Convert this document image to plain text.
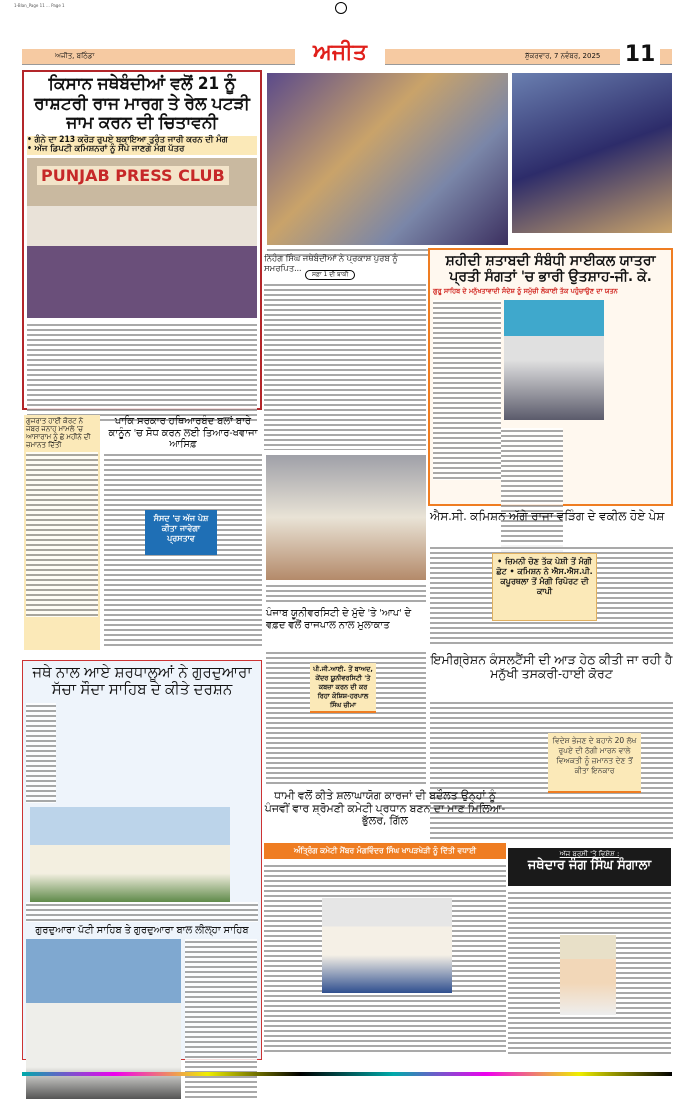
1-Blan_Page 11 ... Page 1
ਅਜੀਤ, ਬਠਿੰਡਾ	ਅਜੀਤ	ਸ਼ੁੱਕਰਵਾਰ, 7 ਨਵੰਬਰ, 2025 11
ਕਿਸਾਨ ਜਥੇਬੰਦੀਆਂ ਵਲੋਂ 21 ਨੂੰ ਰਾਸ਼ਟਰੀ ਰਾਜ ਮਾਰਗ ਤੇ ਰੇਲ ਪਟੜੀ ਜਾਮ ਕਰਨ ਦੀ ਚਿਤਾਵਨੀ
• ਗੰਨੇ ਦਾ 213 ਕਰੋੜ ਰੁਪਏ ਬਕਾਇਆ ਤੁਰੰਤ ਜਾਰੀ ਕਰਨ ਦੀ ਮੰਗ
• ਅੱਜ ਡਿਪਟੀ ਕਮਿਸ਼ਨਰਾਂ ਨੂੰ ਸੌਂਪੇ ਜਾਣਗੇ ਮੰਗ ਪੱਤਰ
PUNJAB PRESS CLUB
ਨਿਹੰਗ ਸਿੰਘ ਜਥੇਬੰਦੀਆਂ ਨੇ ਪ੍ਰਕਾਸ਼ ਪੁਰਬ ਨੂੰ ਸਮਰਪਿਤ...
ਸਫ਼ਾ 1 ਦੀ ਬਾਕੀ
ਸ਼ਹੀਦੀ ਸ਼ਤਾਬਦੀ ਸੰਬੰਧੀ ਸਾਈਕਲ ਯਾਤਰਾ ਪ੍ਰਤੀ ਸੰਗਤਾਂ 'ਚ ਭਾਰੀ ਉਤਸ਼ਾਹ-ਜੀ. ਕੇ.
ਗੁਰੂ ਸਾਹਿਬ ਦੇ ਮਨੁੱਖਤਾਵਾਦੀ ਸੰਦੇਸ਼ ਨੂੰ ਸਮੁੱਚੀ ਲੋਕਾਈ ਤੱਕ ਪਹੁੰਚਾਉਣ ਦਾ ਯਤਨ
ਗੁਜਰਾਤ ਹਾਈ ਕੋਰਟ ਨੇ ਜਬਰ ਜਨਾਹ ਮਾਮਲੇ 'ਚ ਆਸਾਰਾਮ ਨੂੰ ਛੇ ਮਹੀਨੇ ਦੀ ਜ਼ਮਾਨਤ ਦਿੱਤੀ
ਪਾਕਿ ਸਰਕਾਰ ਹਥਿਆਰਬੰਦ ਬਲਾਂ ਬਾਰੇ ਕਾਨੂੰਨ 'ਚ ਸੋਧ ਕਰਨ ਲਈ ਤਿਆਰ-ਖਵਾਜਾ ਆਸਿਫ਼
ਸੰਸਦ 'ਚ ਅੱਜ ਪੇਸ਼ ਕੀਤਾ ਜਾਵੇਗਾ ਪ੍ਰਸਤਾਵ
ਪੰਜਾਬ ਯੂਨੀਵਰਸਿਟੀ ਦੇ ਮੁੱਦੇ 'ਤੇ 'ਆਪ' ਦੇ ਵਫ਼ਦ ਵਲੋਂ ਰਾਜਪਾਲ ਨਾਲ ਮੁਲਾਕਾਤ
ਪੀ.ਜੀ.ਆਈ. ਤੋਂ ਬਾਅਦ, ਕੇਂਦਰ ਯੂਨੀਵਰਸਿਟੀ 'ਤੇ ਕਬਜ਼ਾ ਕਰਨ ਦੀ ਕਰ ਰਿਹਾ ਕੋਸ਼ਿਸ਼-ਹਰਪਾਲ ਸਿੰਘ ਚੀਮਾ
ਐਸ.ਸੀ. ਕਮਿਸ਼ਨ ਅੱਗੇ ਰਾਜਾ ਵੜਿੰਗ ਦੇ ਵਕੀਲ ਹੋਏ ਪੇਸ਼
• ਜ਼ਿਮਨੀ ਚੋਣ ਤੱਕ ਪੇਸ਼ੀ ਤੋਂ ਮੰਗੀ ਛੋਟ • ਕਮਿਸ਼ਨ ਨੇ ਐਸ.ਐਸ.ਪੀ. ਕਪੂਰਥਲਾ ਤੋਂ ਮੰਗੀ ਰਿਪੋਰਟ ਦੀ ਕਾਪੀ
ਜਥੇ ਨਾਲ ਆਏ ਸ਼ਰਧਾਲੂਆਂ ਨੇ ਗੁਰਦੁਆਰਾ ਸੱਚਾ ਸੌਦਾ ਸਾਹਿਬ ਦੇ ਕੀਤੇ ਦਰਸ਼ਨ
ਗੁਰਦੁਆਰਾ ਪੱਟੀ ਸਾਹਿਬ ਤੇ ਗੁਰਦੁਆਰਾ ਬਾਲ ਲੀਲ੍ਹਾ ਸਾਹਿਬ
ਇਮੀਗ੍ਰੇਸ਼ਨ ਕੰਸਲਟੈਂਸੀ ਦੀ ਆੜ ਹੇਠ ਕੀਤੀ ਜਾ ਰਹੀ ਹੈ ਮਨੁੱਖੀ ਤਸਕਰੀ-ਹਾਈ ਕੋਰਟ
ਵਿਦੇਸ਼ ਭੇਜਣ ਦੇ ਬਹਾਨੇ 20 ਲੱਖ ਰੁਪਏ ਦੀ ਠੱਗੀ ਮਾਰਨ ਵਾਲੇ ਵਿਅਕਤੀ ਨੂੰ ਜ਼ਮਾਨਤ ਦੇਣ ਤੋਂ ਕੀਤਾ ਇਨਕਾਰ
ਧਾਮੀ ਵਲੋਂ ਕੀਤੇ ਸ਼ਲਾਘਾਯੋਗ ਕਾਰਜਾਂ ਦੀ ਬਦੌਲਤ ਉਨ੍ਹਾਂ ਨੂੰ ਪੰਜਵੀਂ ਵਾਰ ਸ਼੍ਰੋਮਣੀ ਕਮੇਟੀ ਪ੍ਰਧਾਨ ਬਣਨ ਦਾ ਮਾਣ ਮਿਲਿਆ-ਭੁੱਲਰ, ਗਿੱਲ
ਅੰਤ੍ਰਿੰਗ ਕਮੇਟੀ ਮੈਂਬਰ ਮੰਗਵਿੰਦਰ ਸਿੰਘ ਖਾਪੜਖੇੜੀ ਨੂੰ ਦਿੱਤੀ ਵਧਾਈ	ਅੱਜ ਬਰਸੀ 'ਤੇ ਵਿਸ਼ੇਸ਼ :
ਜਥੇਦਾਰ ਜੰਗ ਸਿੰਘ ਸੰਗਾਲਾ
